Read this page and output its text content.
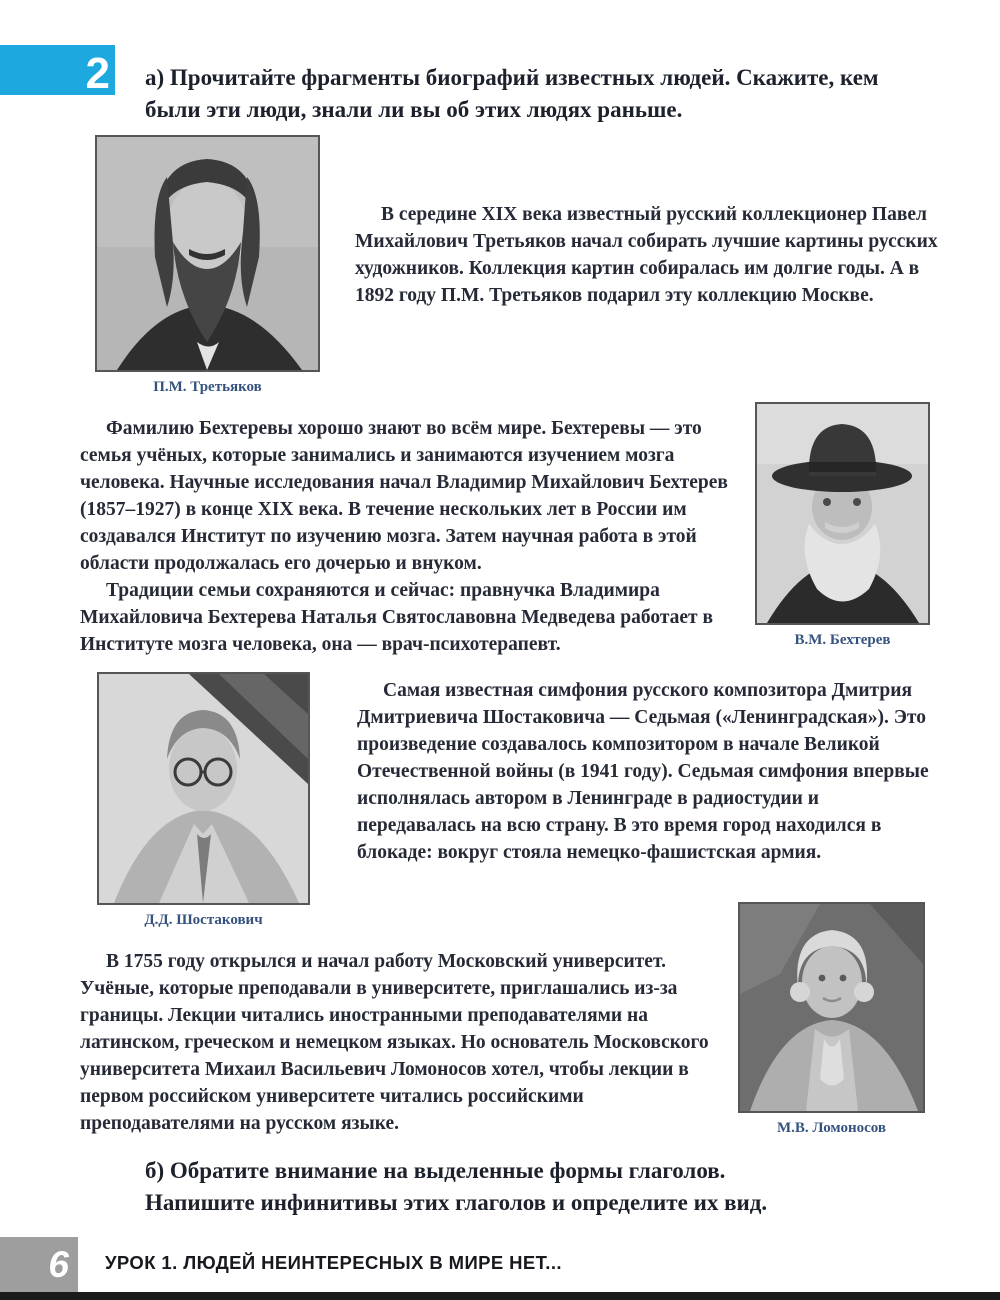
2 а) Прочитайте фрагменты биографий известных людей. Скажите, кем были эти люди, знали ли вы об этих людях раньше.
П.М. Третьяков

В середине XIX века известный русский коллекционер Павел Михайлович Третьяков начал собирать лучшие картины русских художников. Коллекция картин собиралась им долгие годы. А в 1892 году П.М. Третьяков подарил эту коллекцию Москве.

Фамилию Бехтеревы хорошо знают во всём мире. Бехтеревы — это семья учёных, которые занимались и занимаются изучением мозга человека. Научные исследования начал Владимир Михайлович Бехтерев (1857–1927) в конце XIX века. В течение нескольких лет в России им создавался Институт по изучению мозга. Затем научная работа в этой области продолжалась его дочерью и внуком.

Традиции семьи сохраняются и сейчас: правнучка Владимира Михайловича Бехтерева Наталья Святославовна Медведева работает в Институте мозга человека, она — врач-психотерапевт.	В.М. Бехтерев
Д.Д. Шостакович

Самая известная симфония русского композитора Дмитрия Дмитриевича Шостаковича — Седьмая («Ленинградская»). Это произведение создавалось композитором в начале Великой Отечественной войны (в 1941 году). Седьмая симфония впервые исполнялась автором в Ленинграде в радиостудии и передавалась на всю страну. В это время город находился в блокаде: вокруг стояла немецко-фашистская армия.

В 1755 году открылся и начал работу Московский университет. Учёные, которые преподавали в университете, приглашались из-за границы. Лекции читались иностранными преподавателями на латинском, греческом и немецком языках. Но основатель Московского университета Михаил Васильевич Ломоносов хотел, чтобы лекции в первом российском университете читались российскими преподавателями на русском языке.	М.В. Ломоносов
б) Обратите внимание на выделенные формы глаголов. Напишите инфинитивы этих глаголов и определите их вид.
6 УРОК 1. ЛЮДЕЙ НЕИНТЕРЕСНЫХ В МИРЕ НЕТ...
